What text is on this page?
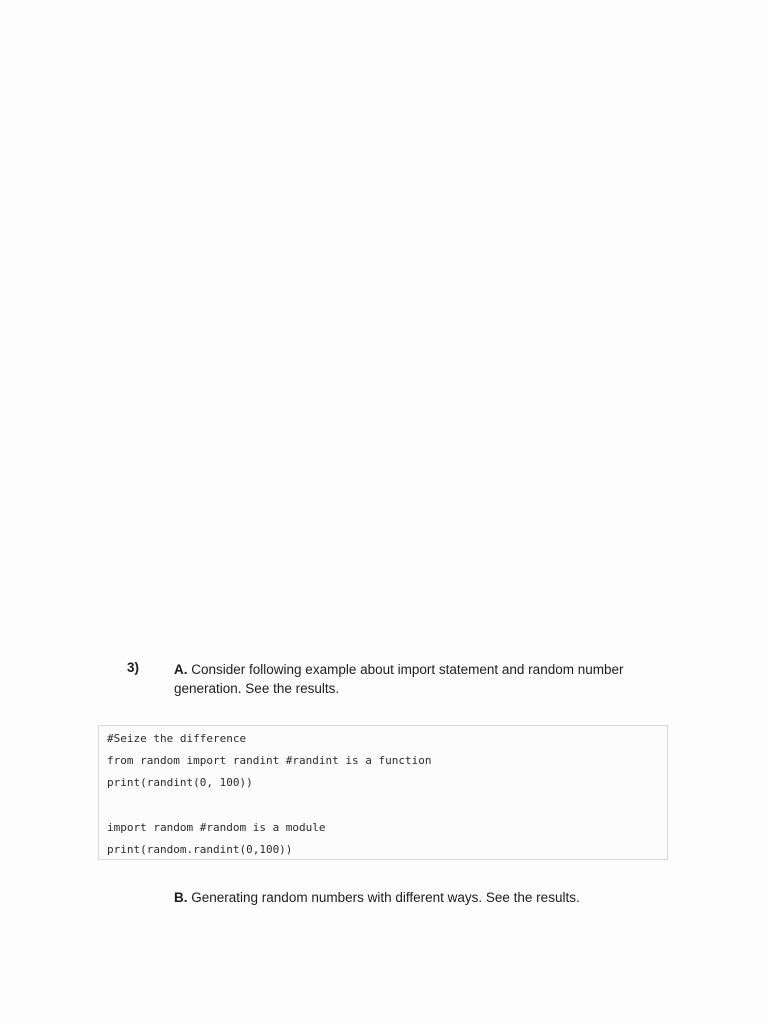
3)	A. Consider following example about import statement and random number generation. See the results.
#Seize the difference
from random import randint #randint is a function
print(randint(0, 100))
import random #random is a module
print(random.randint(0,100))
B. Generating random numbers with different ways. See the results.
